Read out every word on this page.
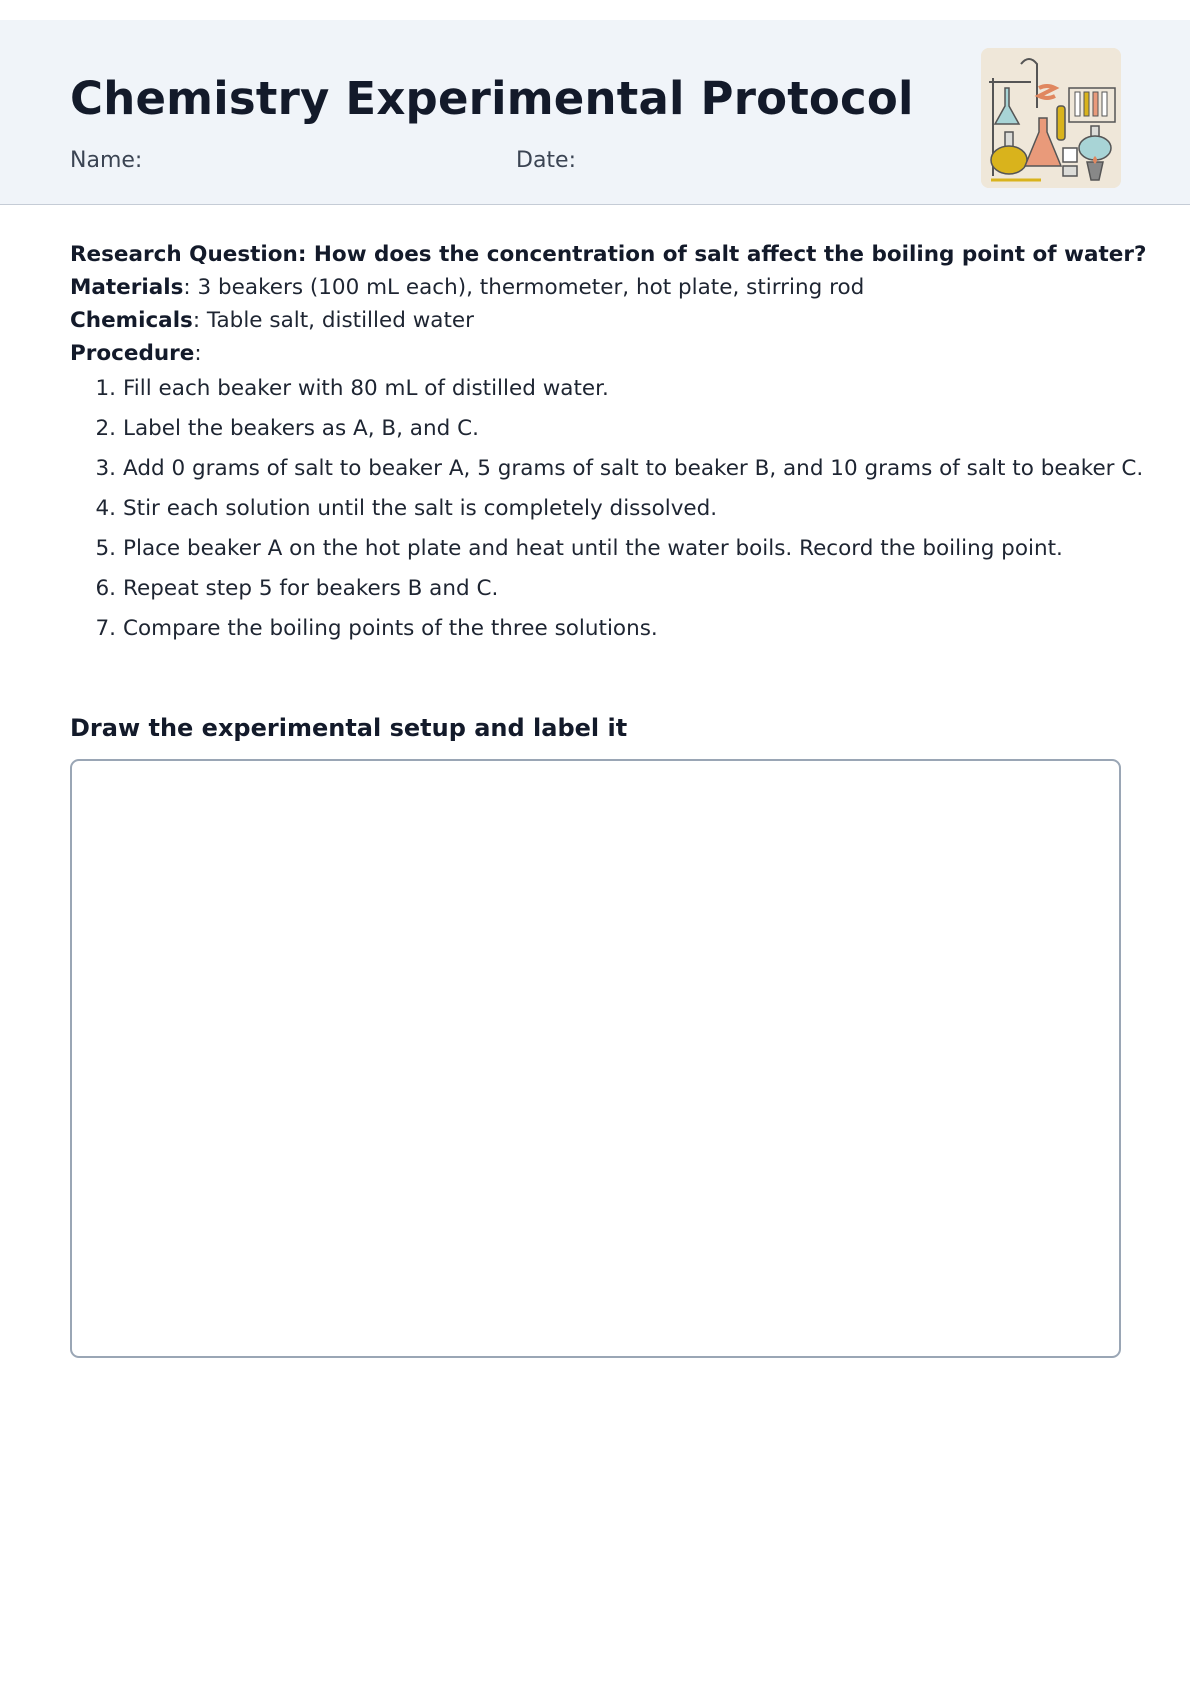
Chemistry Experimental Protocol
Name:	Date:
Research Question: How does the concentration of salt affect the boiling point of water?
Materials: 3 beakers (100 mL each), thermometer, hot plate, stirring rod
Chemicals: Table salt, distilled water
Procedure:
1. Fill each beaker with 80 mL of distilled water.
2. Label the beakers as A, B, and C.
3. Add 0 grams of salt to beaker A, 5 grams of salt to beaker B, and 10 grams of salt to beaker C.
4. Stir each solution until the salt is completely dissolved.
5. Place beaker A on the hot plate and heat until the water boils. Record the boiling point.
6. Repeat step 5 for beakers B and C.
7. Compare the boiling points of the three solutions.
Draw the experimental setup and label it
